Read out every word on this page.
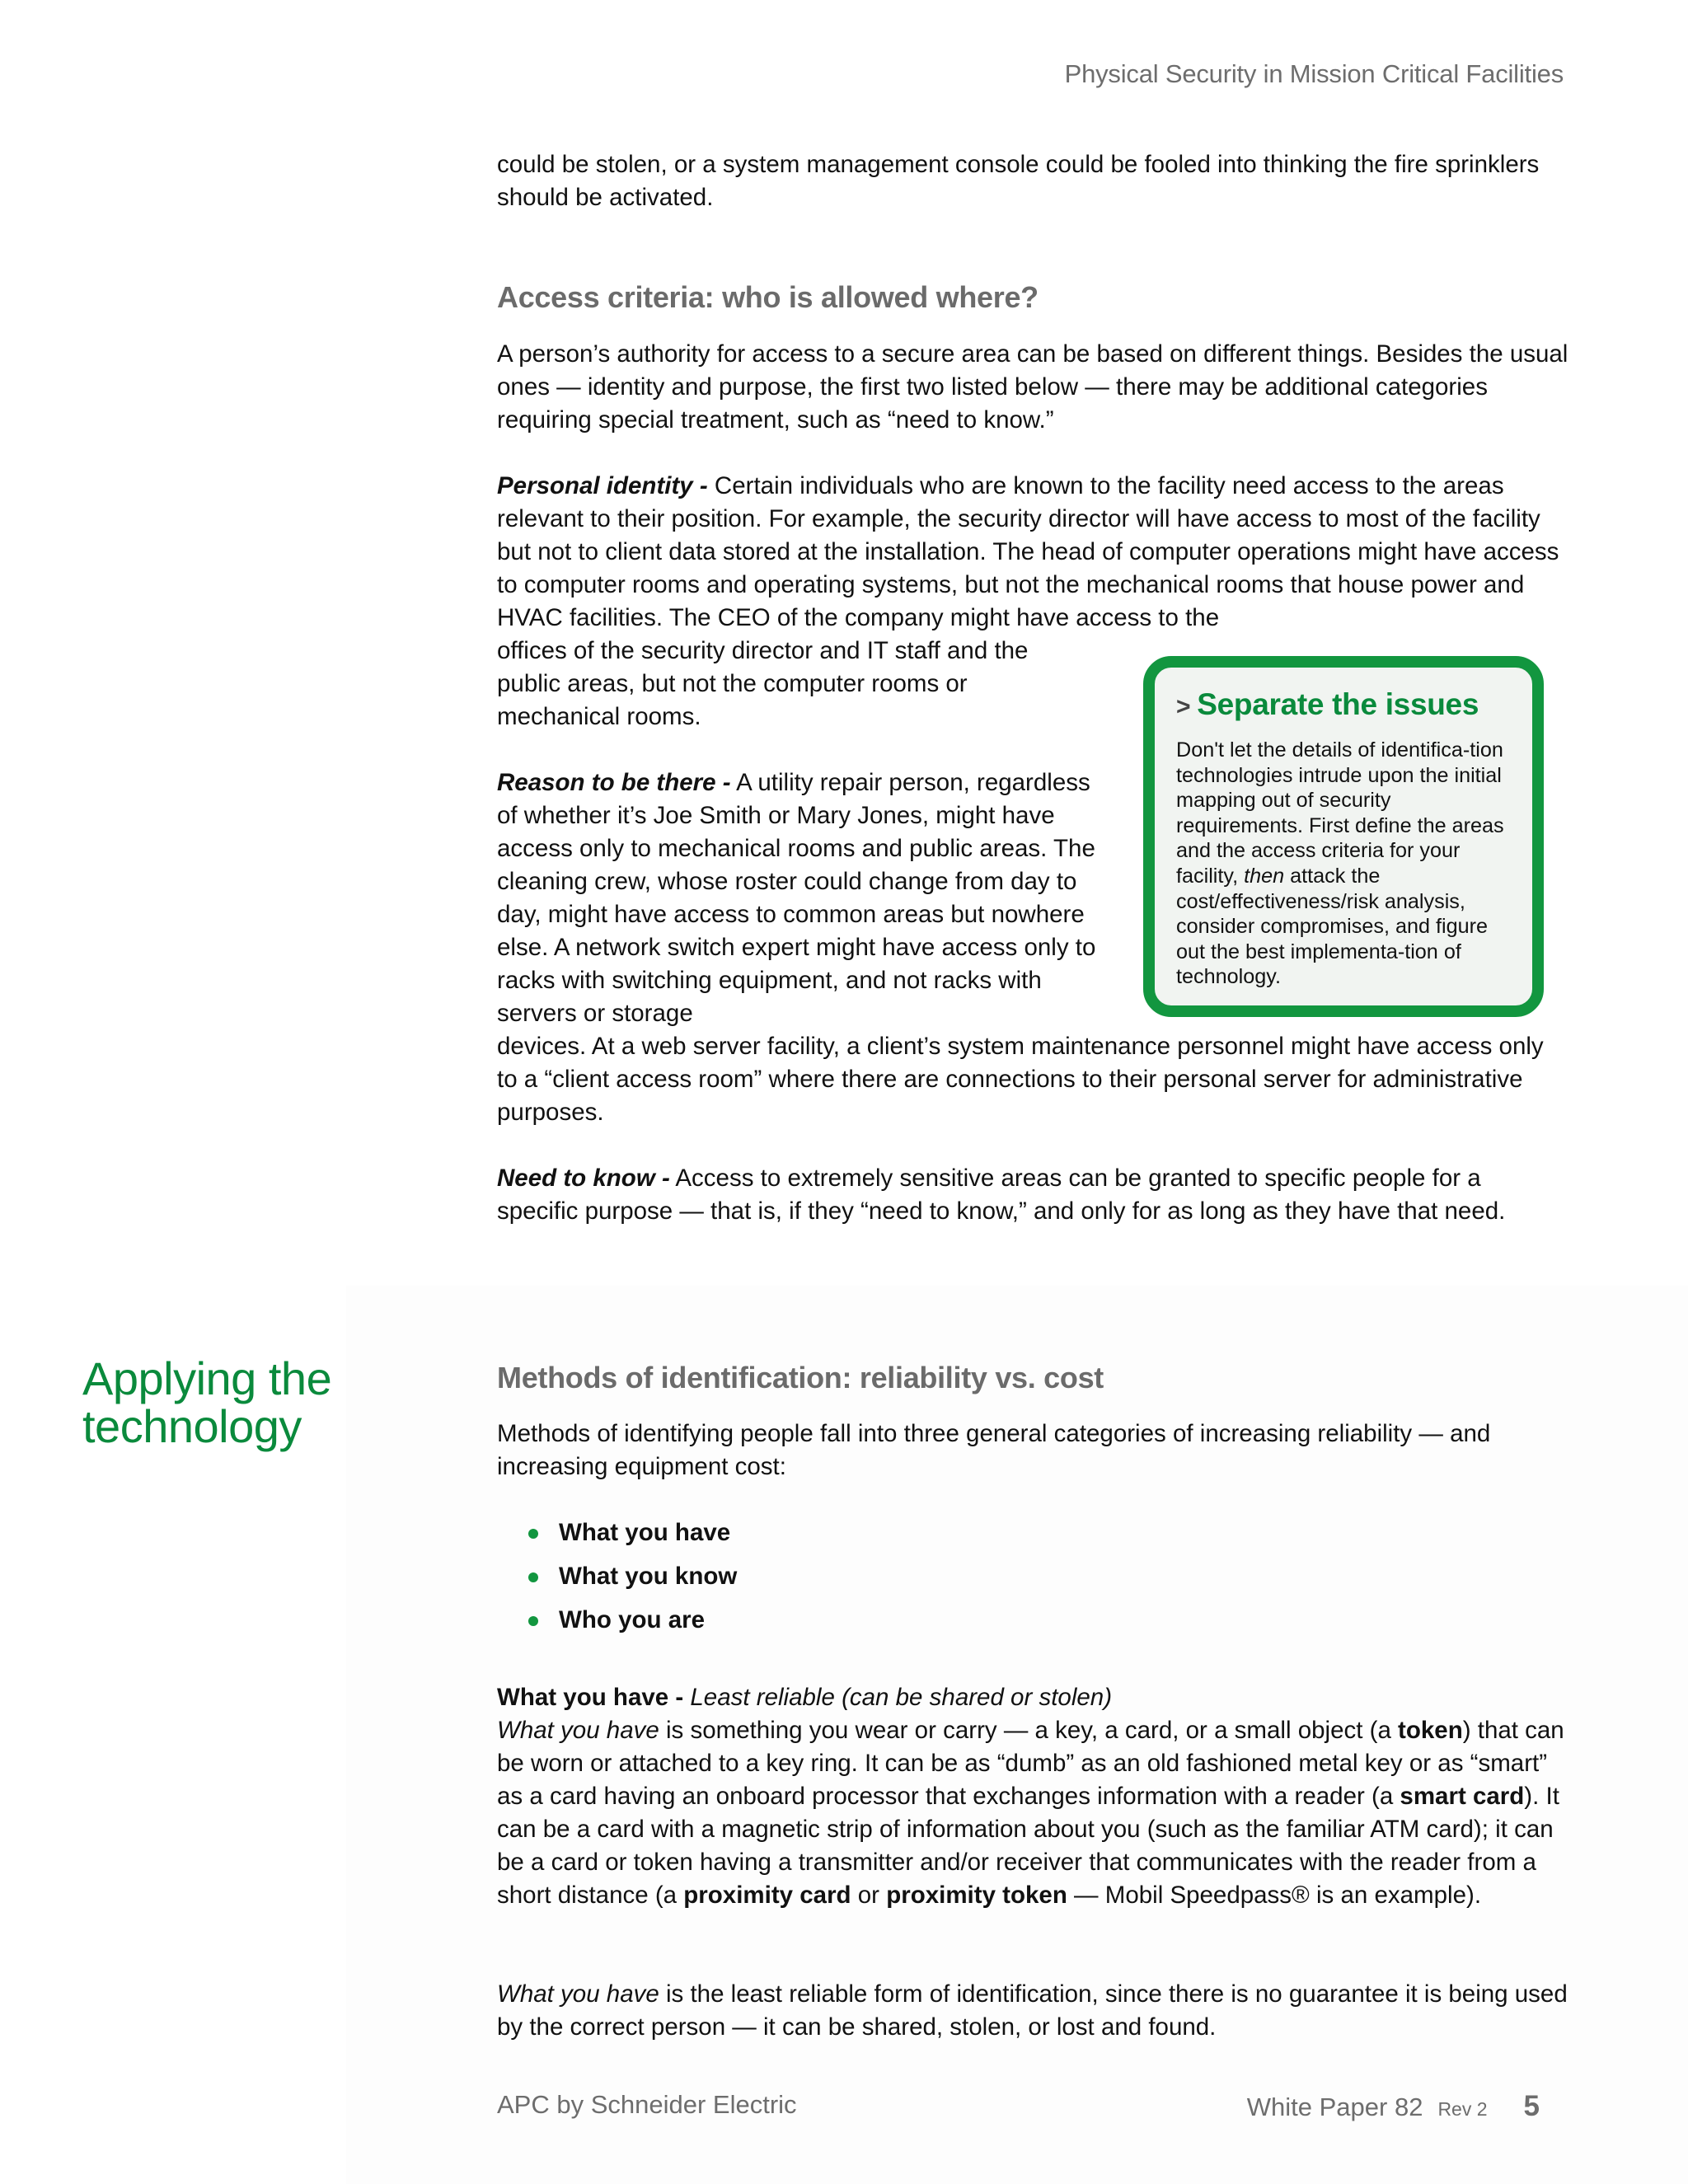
Physical Security in Mission Critical Facilities

could be stolen, or a system management console could be fooled into thinking the fire sprinklers should be activated.

Access criteria: who is allowed where?

A person’s authority for access to a secure area can be based on different things. Besides the usual ones — identity and purpose, the first two listed below — there may be additional categories requiring special treatment, such as “need to know.”

Personal identity - Certain individuals who are known to the facility need access to the areas relevant to their position. For example, the security director will have access to most of the facility but not to client data stored at the installation. The head of computer operations might have access to computer rooms and operating systems, but not the mechanical rooms that house power and HVAC facilities. The CEO of the company might have access to the

offices of the security director and IT staff and the public areas, but not the computer rooms or mechanical rooms.

Reason to be there - A utility repair person, regardless of whether it’s Joe Smith or Mary Jones, might have access only to mechanical rooms and public areas. The cleaning crew, whose roster could change from day to day, might have access to common areas but nowhere else. A network switch expert might have access only to racks with switching equipment, and not racks with servers or storage

devices. At a web server facility, a client’s system maintenance personnel might have access only to a “client access room” where there are connections to their personal server for administrative purposes.

Need to know - Access to extremely sensitive areas can be granted to specific people for a specific purpose — that is, if they “need to know,” and only for as long as they have that need.

> Separate the issues
Don't let the details of identifica-tion technologies intrude upon the initial mapping out of security requirements. First define the areas and the access criteria for your facility, then attack the cost/effectiveness/risk analysis, consider compromises, and figure out the best implementa-tion of technology.
Applying the technology
Methods of identification: reliability vs. cost

Methods of identifying people fall into three general categories of increasing reliability — and increasing equipment cost:

What you have
What you know
Who you are

What you have - Least reliable (can be shared or stolen)

What you have is something you wear or carry — a key, a card, or a small object (a token) that can be worn or attached to a key ring. It can be as “dumb” as an old fashioned metal key or as “smart” as a card having an onboard processor that exchanges information with a reader (a smart card). It can be a card with a magnetic strip of information about you (such as the familiar ATM card); it can be a card or token having a transmitter and/or receiver that communicates with the reader from a short distance (a proximity card or proximity token — Mobil Speedpass® is an example).

What you have is the least reliable form of identification, since there is no guarantee it is being used by the correct person — it can be shared, stolen, or lost and found.

APC by Schneider Electric	White Paper 82 Rev 2 5
